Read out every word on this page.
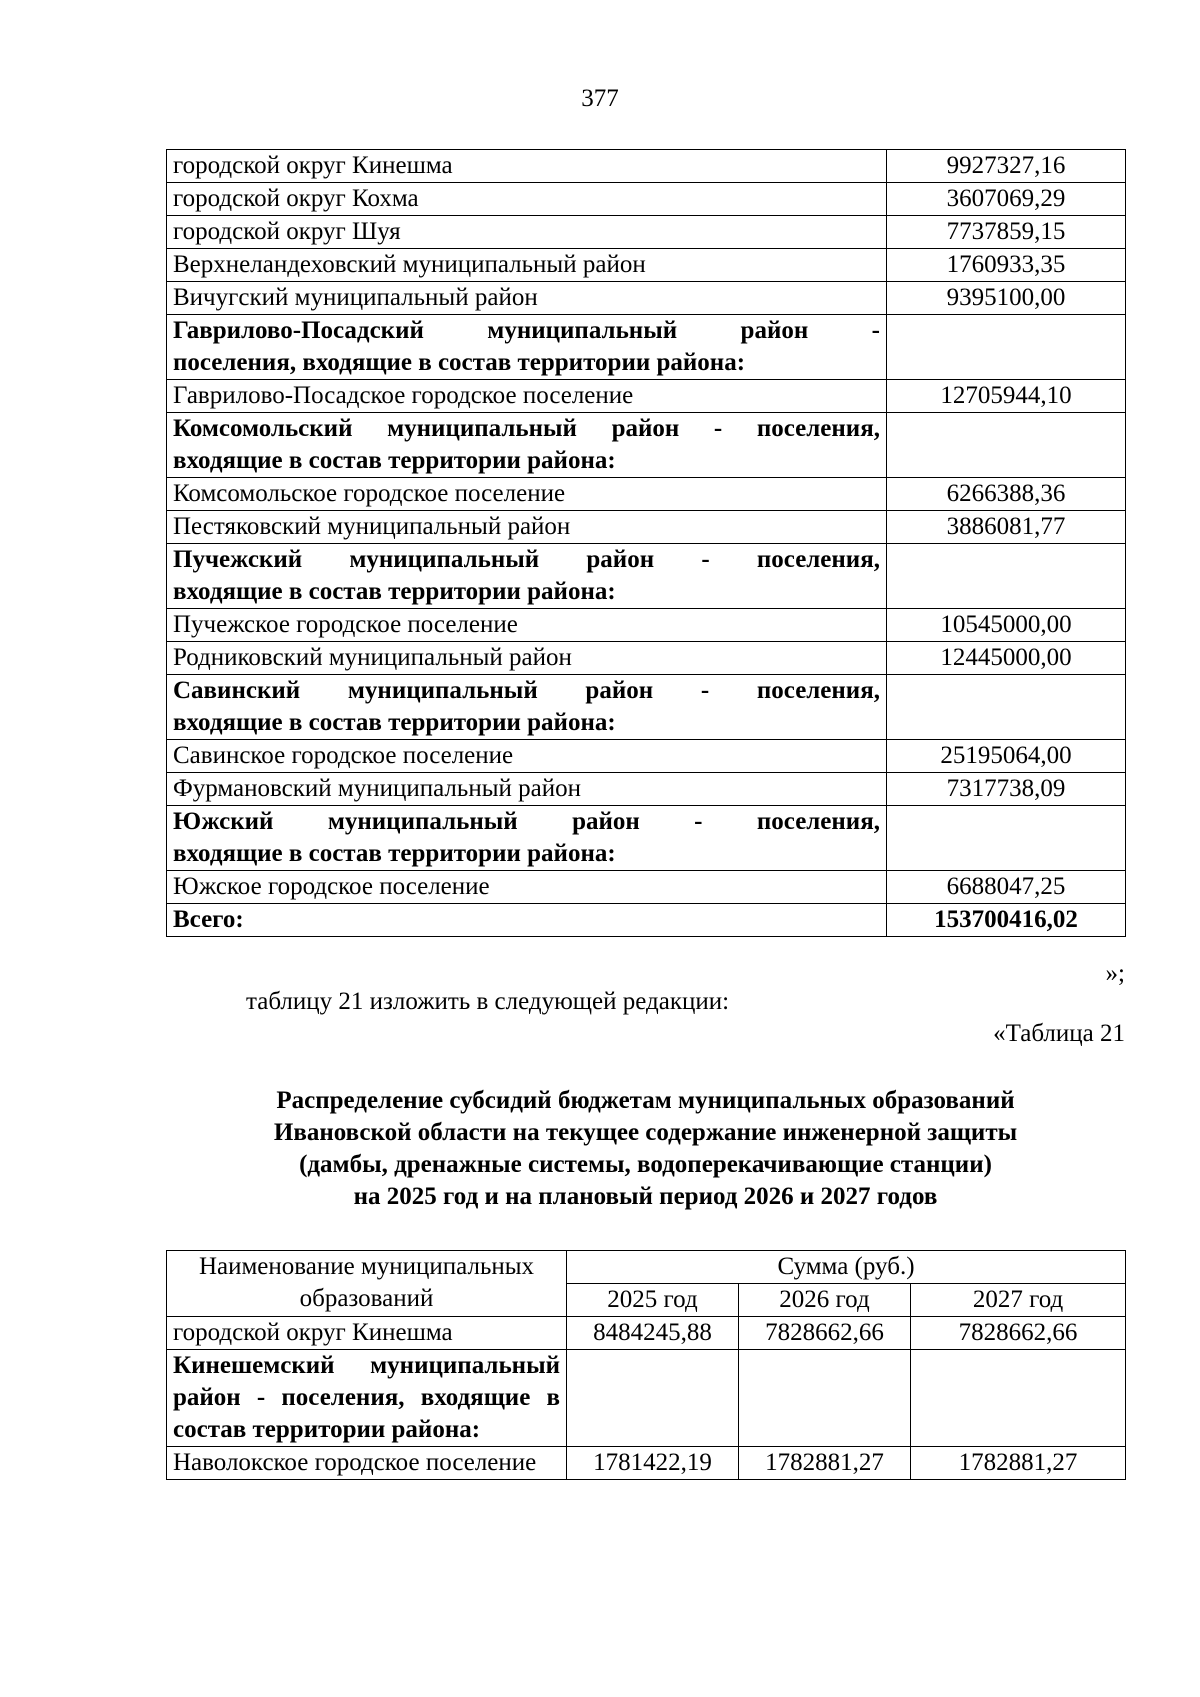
377
городской округ Кинешма	9927327,16
городской округ Кохма	3607069,29
городской округ Шуя	7737859,15
Верхнеландеховский муниципальный район	1760933,35
Вичугский муниципальный район	9395100,00
Гаврилово-Посадский муниципальный район -
поселения, входящие в состав территории района:	

Гаврилово-Посадское городское поселение	12705944,10
Комсомольский муниципальный район - поселения,
входящие в состав территории района:	

Комсомольское городское поселение	6266388,36
Пестяковский муниципальный район	3886081,77
Пучежский муниципальный район - поселения,
входящие в состав территории района:	

Пучежское городское поселение	10545000,00
Родниковский муниципальный район	12445000,00
Савинский муниципальный район - поселения,
входящие в состав территории района:	

Савинское городское поселение	25195064,00
Фурмановский муниципальный район	7317738,09
Южский муниципальный район - поселения,
входящие в состав территории района:	

Южское городское поселение	6688047,25
Всего:	153700416,02
»;
таблицу 21 изложить в следующей редакции:
«Таблица 21
Распределение субсидий бюджетам муниципальных образований
Ивановской области на текущее содержание инженерной защиты
(дамбы, дренажные системы, водоперекачивающие станции)
на 2025 год и на плановый период 2026 и 2027 годов
Наименование муниципальных образований	Сумма (руб.)		
	2025 год	2026 год	2027 год
городской округ Кинешма	8484245,88	7828662,66	7828662,66
Кинешемский муниципальный район - поселения, входящие в состав территории района:			
Наволокское городское поселение	1781422,19	1782881,27	1782881,27
